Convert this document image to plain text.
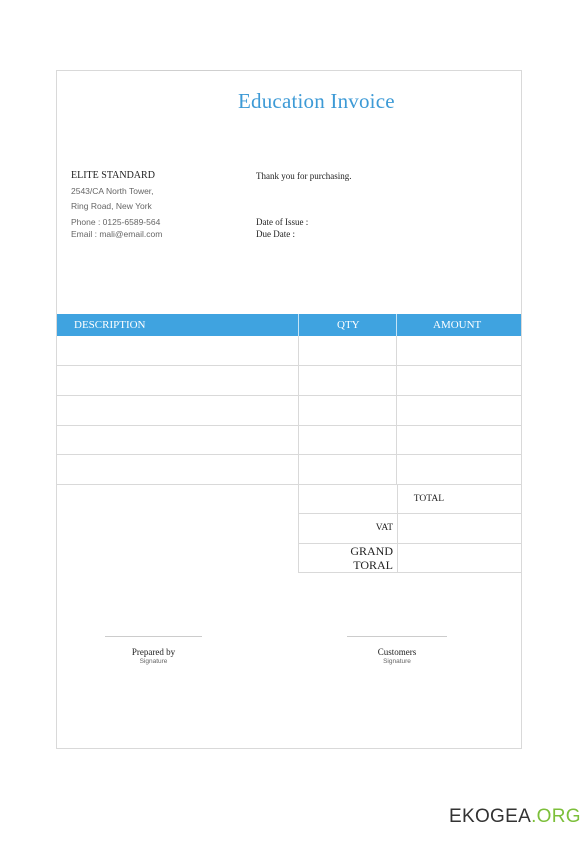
Education Invoice
ELITE STANDARD
2543/CA North Tower,
Ring Road, New York
Phone : 0125-6589-564
Email : mali@email.com
Thank you for purchasing.
Date of Issue :
Due Date :
DESCRIPTION	QTY	AMOUNT
TOTAL
VAT
GRAND
TORAL
Prepared by
Signature
Customers
Signature
EKOGEA.ORG
